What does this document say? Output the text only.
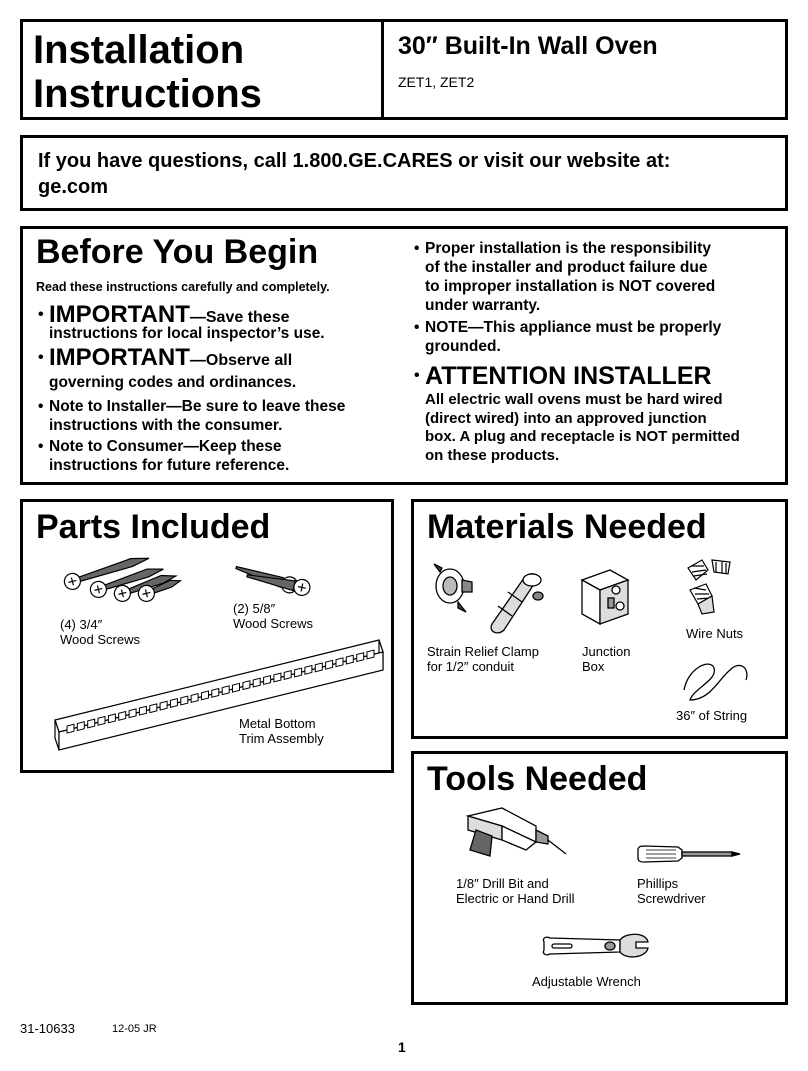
Installation
Instructions
30″ Built-In Wall Oven
ZET1, ZET2
If you have questions, call 1.800.GE.CARES or visit our website at:
ge.com
Before You Begin
Read these instructions carefully and completely.
• IMPORTANT—Save these
instructions for local inspector’s use.
• IMPORTANT—Observe all
governing codes and ordinances.
• Note to Installer—Be sure to leave these
instructions with the consumer.
• Note to Consumer—Keep these
instructions for future reference.
• Proper installation is the responsibility
of the installer and product failure due
to improper installation is NOT covered
under warranty.
• NOTE—This appliance must be properly
grounded.
• ATTENTION INSTALLER
All electric wall ovens must be hard wired
(direct wired) into an approved junction
box. A plug and receptacle is NOT permitted
on these products.
Parts Included
(4) 3/4″
Wood Screws
(2) 5/8″
Wood Screws
Metal Bottom
Trim Assembly
Materials Needed
Strain Relief Clamp
for 1/2″ conduit
Junction
Box
Wire Nuts
36″ of String
Tools Needed
1/8″ Drill Bit and
Electric or Hand Drill
Phillips
Screwdriver
Adjustable Wrench
31-10633	12-05 JR
1
